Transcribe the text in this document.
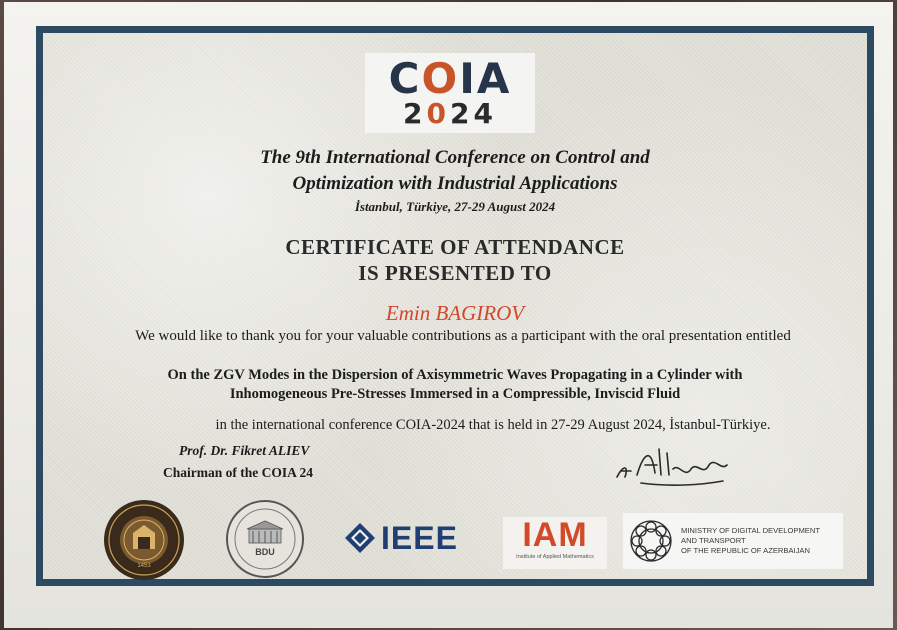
COIA
2024
The 9th International Conference on Control and
Optimization with Industrial Applications
İstanbul, Türkiye, 27-29 August 2024
CERTIFICATE OF ATTENDANCE
IS PRESENTED TO
Emin BAGIROV
We would like to thank you for your valuable contributions as a participant with the oral presentation entitled
On the ZGV Modes in the Dispersion of Axisymmetric Waves Propagating in a Cylinder with
Inhomogeneous Pre-Stresses Immersed in a Compressible, Inviscid Fluid
in the international conference COIA-2024 that is held in 27-29 August 2024, İstanbul-Türkiye.
Prof. Dr. Fikret ALIEV
Chairman of the COIA 24
1453
BDU	IEEE	IAM
Institute of Applied Mathematics
MINISTRY OF DIGITAL DEVELOPMENT
AND TRANSPORT
OF THE REPUBLIC OF AZERBAIJAN
